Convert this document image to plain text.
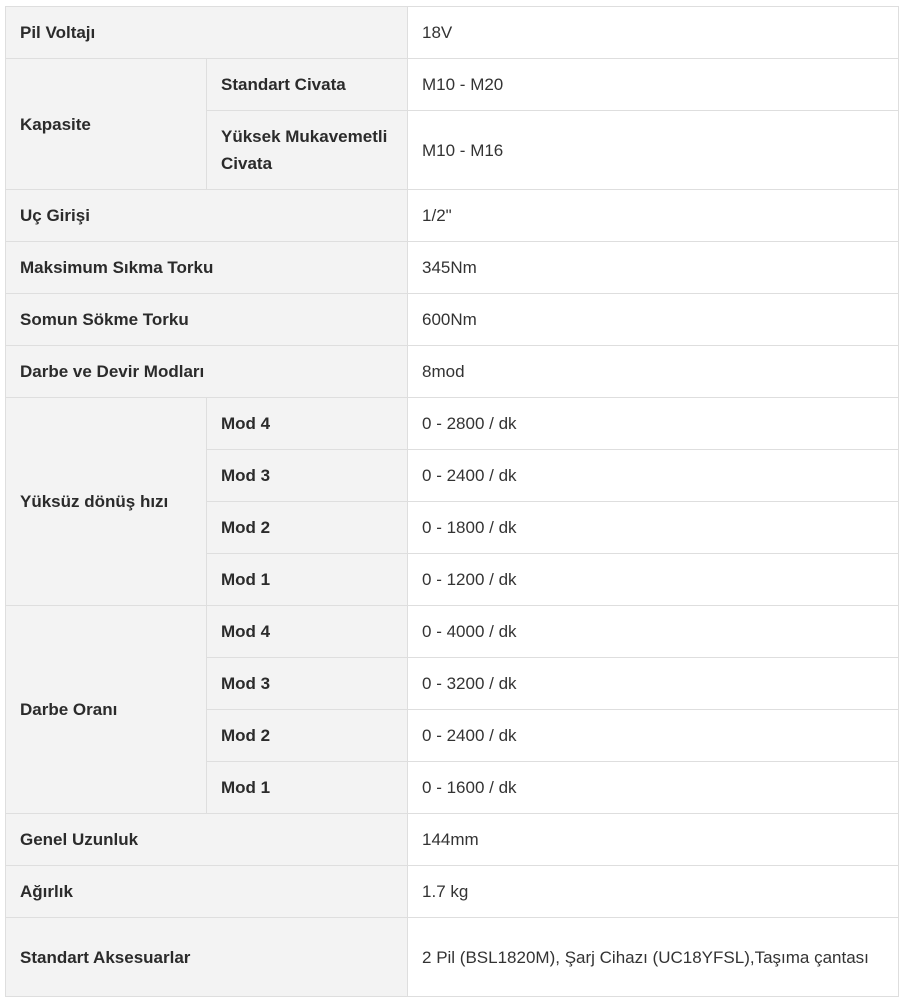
Pil Voltajı		18V
Kapasite	Standart Civata	M10 - M20
	Yüksek Mukavemetli Civata	M10 - M16
Uç Girişi		1/2"
Maksimum Sıkma Torku		345Nm
Somun Sökme Torku		600Nm
Darbe ve Devir Modları		8mod
Yüksüz dönüş hızı	Mod 4	0 - 2800 / dk
	Mod 3	0 - 2400 / dk
	Mod 2	0 - 1800 / dk
	Mod 1	0 - 1200 / dk
Darbe Oranı	Mod 4	0 - 4000 / dk
	Mod 3	0 - 3200 / dk
	Mod 2	0 - 2400 / dk
	Mod 1	0 - 1600 / dk
Genel Uzunluk		144mm
Ağırlık		1.7 kg
Standart Aksesuarlar		2 Pil (BSL1820M), Şarj Cihazı (UC18YFSL),Taşıma çantası
